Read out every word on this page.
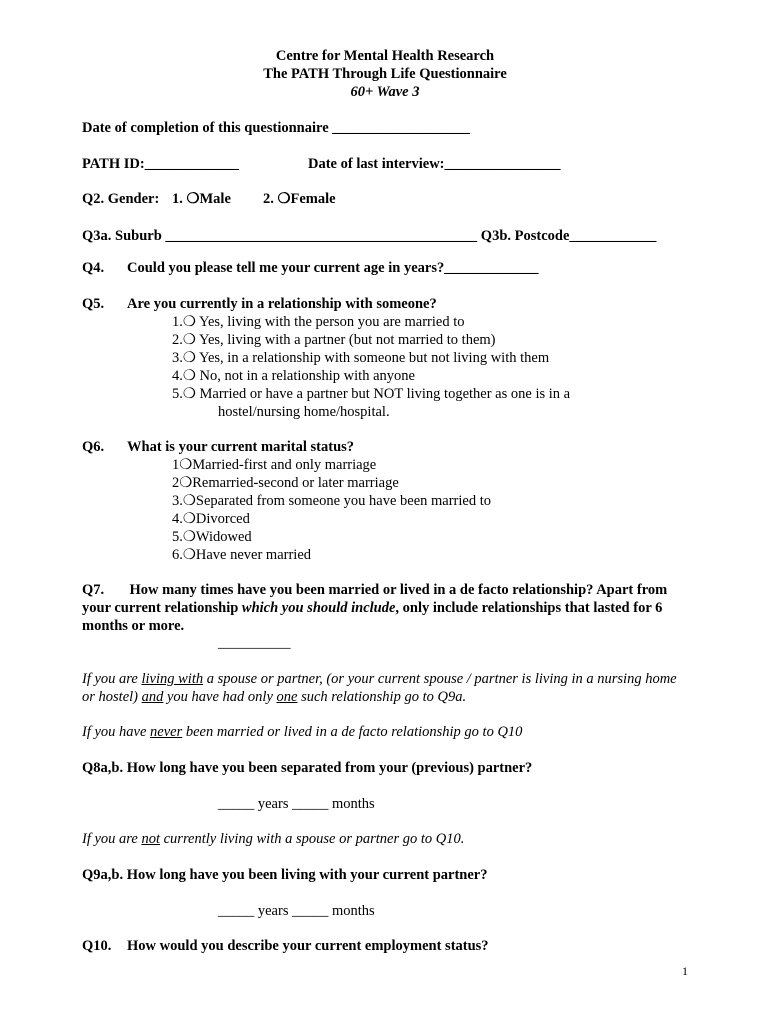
Centre for Mental Health Research
The PATH Through Life Questionnaire
60+ Wave 3
Date of completion of this questionnaire ___________________
PATH ID:_____________	Date of last interview:________________
Q2. Gender: 1. ❍Male 2. ❍Female
Q3a. Suburb ___________________________________________ Q3b. Postcode____________
Q4. Could you please tell me your current age in years?_____________
Q5. Are you currently in a relationship with someone?
1.❍ Yes, living with the person you are married to
2.❍ Yes, living with a partner (but not married to them)
3.❍ Yes, in a relationship with someone but not living with them
4.❍ No, not in a relationship with anyone
5.❍ Married or have a partner but NOT living together as one is in a
hostel/nursing home/hospital.
Q6. What is your current marital status?
1❍Married-first and only marriage
2❍Remarried-second or later marriage
3.❍Separated from someone you have been married to
4.❍Divorced
5.❍Widowed
6.❍Have never married
Q7. How many times have you been married or lived in a de facto relationship? Apart from your current relationship which you should include, only include relationships that lasted for 6 months or more.
__________
If you are living with a spouse or partner, (or your current spouse / partner is living in a nursing home or hostel) and you have had only one such relationship go to Q9a.
If you have never been married or lived in a de facto relationship go to Q10
Q8a,b. How long have you been separated from your (previous) partner?
_____ years _____ months
If you are not currently living with a spouse or partner go to Q10.
Q9a,b. How long have you been living with your current partner?
_____ years _____ months
Q10. How would you describe your current employment status?
1
